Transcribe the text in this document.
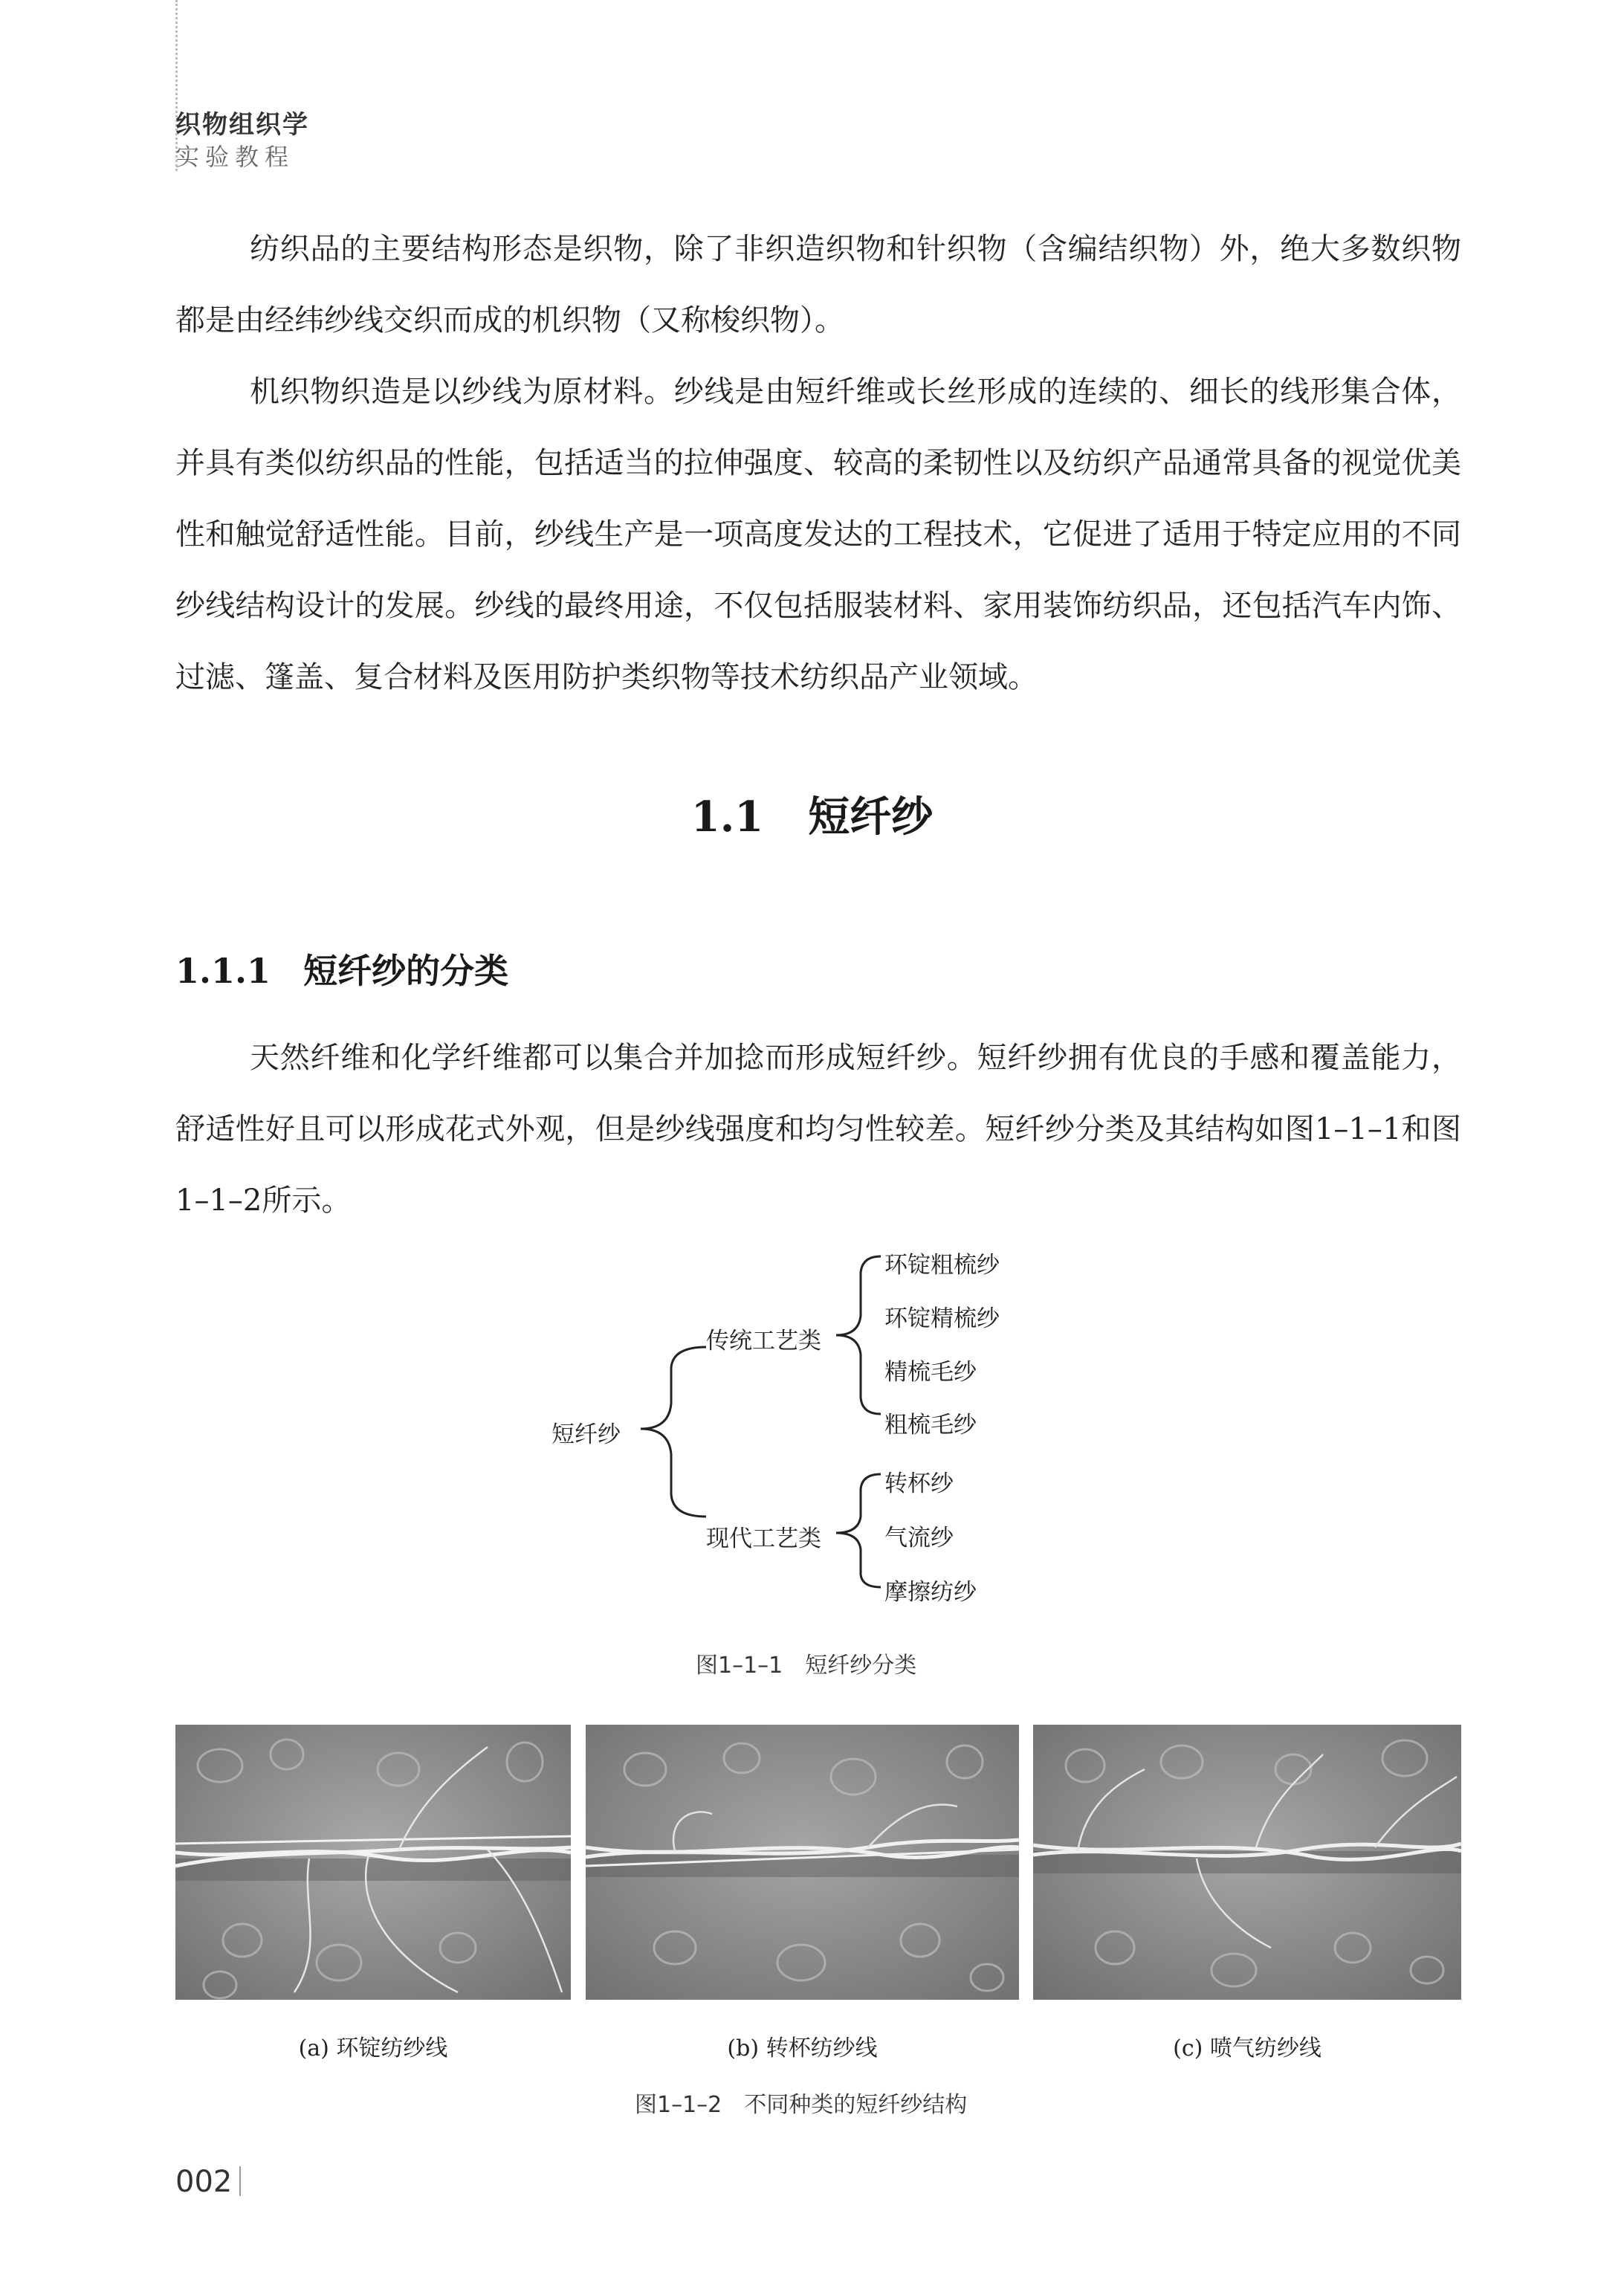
织物组织学

实验教程

纺织品的主要结构形态是织物，除了非织造织物和针织物（含编结织物）外，绝大多数织物都是由经纬纱线交织而成的机织物（又称梭织物）。

机织物织造是以纱线为原材料。纱线是由短纤维或长丝形成的连续的、细长的线形集合体，并具有类似纺织品的性能，包括适当的拉伸强度、较高的柔韧性以及纺织产品通常具备的视觉优美性和触觉舒适性能。目前，纱线生产是一项高度发达的工程技术，它促进了适用于特定应用的不同纱线结构设计的发展。纱线的最终用途，不仅包括服装材料、家用装饰纺织品，还包括汽车内饰、过滤、篷盖、复合材料及医用防护类织物等技术纺织品产业领域。

1.1 短纤纱
1.1.1 短纤纱的分类

天然纤维和化学纤维都可以集合并加捻而形成短纤纱。短纤纱拥有优良的手感和覆盖能力，舒适性好且可以形成花式外观，但是纱线强度和均匀性较差。短纤纱分类及其结构如图1–1–1和图1–1–2所示。

短纤纱
传统工艺类
现代工艺类
环锭粗梳纱
环锭精梳纱
精梳毛纱
粗梳毛纱
转杯纱
气流纱
摩擦纺纱

图1–1–1　短纤纱分类

(a) 环锭纺纱线	(b) 转杯纺纱线	(c) 喷气纺纱线

图1–1–2　不同种类的短纤纱结构

002
